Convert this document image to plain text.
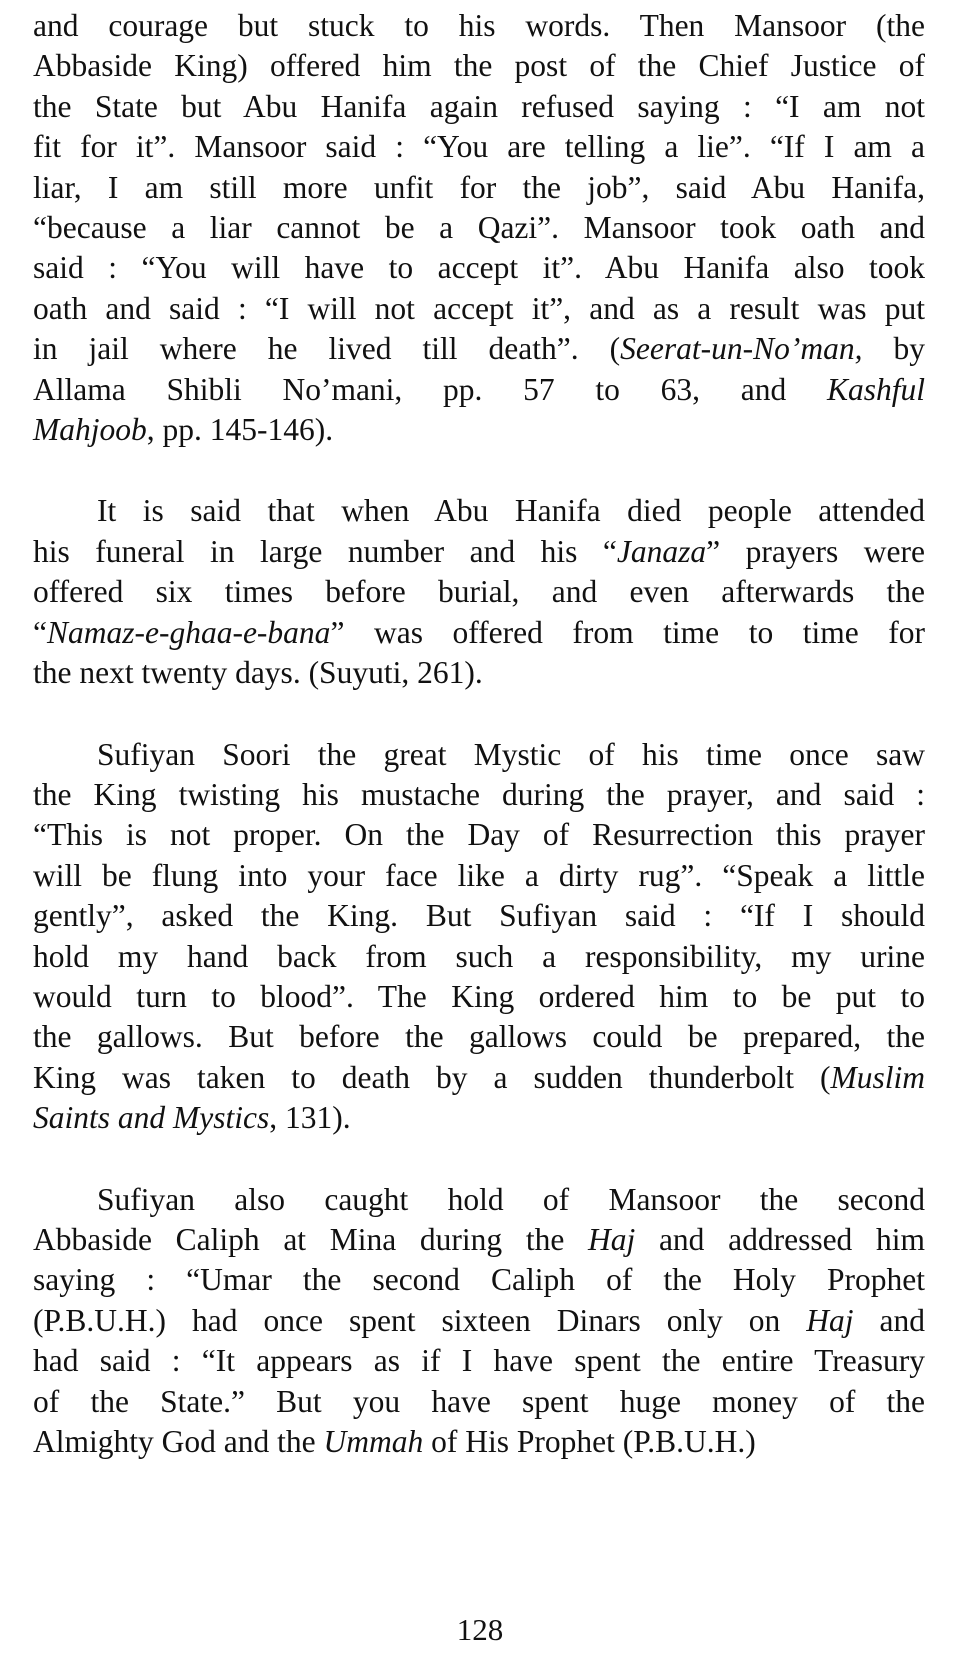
and courage but stuck to his words. Then Mansoor (the
Abbaside King) offered him the post of the Chief Justice of
the State but Abu Hanifa again refused saying : “I am not
fit for it”. Mansoor said : “You are telling a lie”. “If I am a
liar, I am still more unfit for the job”, said Abu Hanifa,
“because a liar cannot be a Qazi”. Mansoor took oath and
said : “You will have to accept it”. Abu Hanifa also took
oath and said : “I will not accept it”, and as a result was put
in jail where he lived till death”. (Seerat-un-No’man, by
Allama Shibli No’mani, pp. 57 to 63, and Kashful
Mahjoob, pp. 145-146).
It is said that when Abu Hanifa died people attended
his funeral in large number and his “Janaza” prayers were
offered six times before burial, and even afterwards the
“Namaz-e-ghaa-e-bana” was offered from time to time for
the next twenty days. (Suyuti, 261).
Sufiyan Soori the great Mystic of his time once saw
the King twisting his mustache during the prayer, and said :
“This is not proper. On the Day of Resurrection this prayer
will be flung into your face like a dirty rug”. “Speak a little
gently”, asked the King. But Sufiyan said : “If I should
hold my hand back from such a responsibility, my urine
would turn to blood”. The King ordered him to be put to
the gallows. But before the gallows could be prepared, the
King was taken to death by a sudden thunderbolt (Muslim
Saints and Mystics, 131).
Sufiyan also caught hold of Mansoor the second
Abbaside Caliph at Mina during the Haj and addressed him
saying : “Umar the second Caliph of the Holy Prophet
(P.B.U.H.) had once spent sixteen Dinars only on Haj and
had said : “It appears as if I have spent the entire Treasury
of the State.” But you have spent huge money of the
Almighty God and the Ummah of His Prophet (P.B.U.H.)
128
